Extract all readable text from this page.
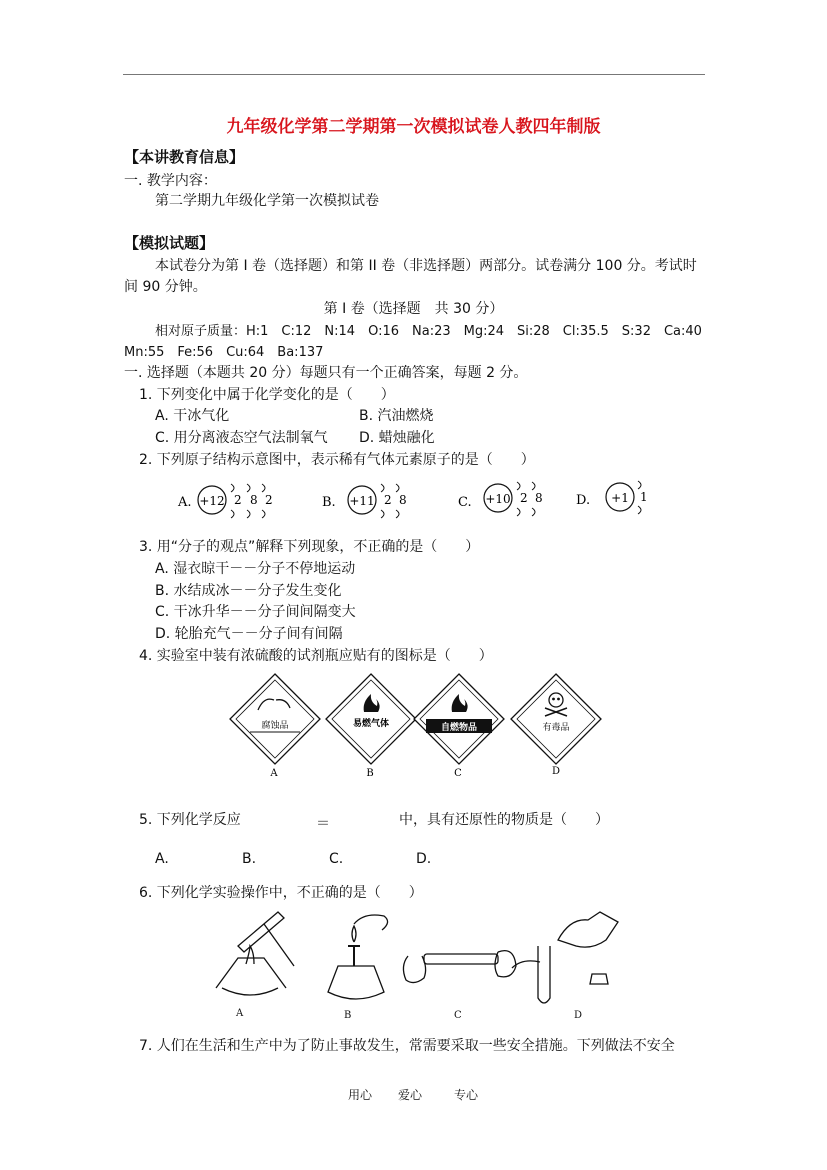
九年级化学第二学期第一次模拟试卷人教四年制版
【本讲教育信息】
一. 教学内容：
第二学期九年级化学第一次模拟试卷
【模拟试题】
本试卷分为第 I 卷（选择题）和第 II 卷（非选择题）两部分。试卷满分 100 分。考试时
间 90 分钟。
第 I 卷（选择题　共 30 分）
相对原子质量：H:1　C:12　N:14　O:16　Na:23　Mg:24　Si:28　Cl:35.5　S:32　Ca:40
Mn:55　Fe:56　Cu:64　Ba:137
一. 选择题（本题共 20 分）每题只有一个正确答案，每题 2 分。
1. 下列变化中属于化学变化的是（　　）
A. 干冰气化	B. 汽油燃烧
C. 用分离液态空气法制氧气 D. 蜡烛融化
2. 下列原子结构示意图中，表示稀有气体元素原子的是（　　）
A. +12 2 8 2	B. +11 2 8	C. +10 2 8	D. +1 1
3. 用“分子的观点”解释下列现象，不正确的是（　　）
A. 湿衣晾干－－分子不停地运动
B. 水结成冰－－分子发生变化
C. 干冰升华－－分子间间隔变大
D. 轮胎充气－－分子间有间隔
4. 实验室中装有浓硫酸的试剂瓶应贴有的图标是（　　）
腐蚀品
A
易燃气体
B
自燃物品
C
有毒品
D
5. 下列化学反应	＝	中，具有还原性的物质是（　　）
A.	B.	C.	D.
6. 下列化学实验操作中，不正确的是（　　）
A	B	C	D
7. 人们在生活和生产中为了防止事故发生，常需要采取一些安全措施。下列做法不安全
用心 爱心	专心
